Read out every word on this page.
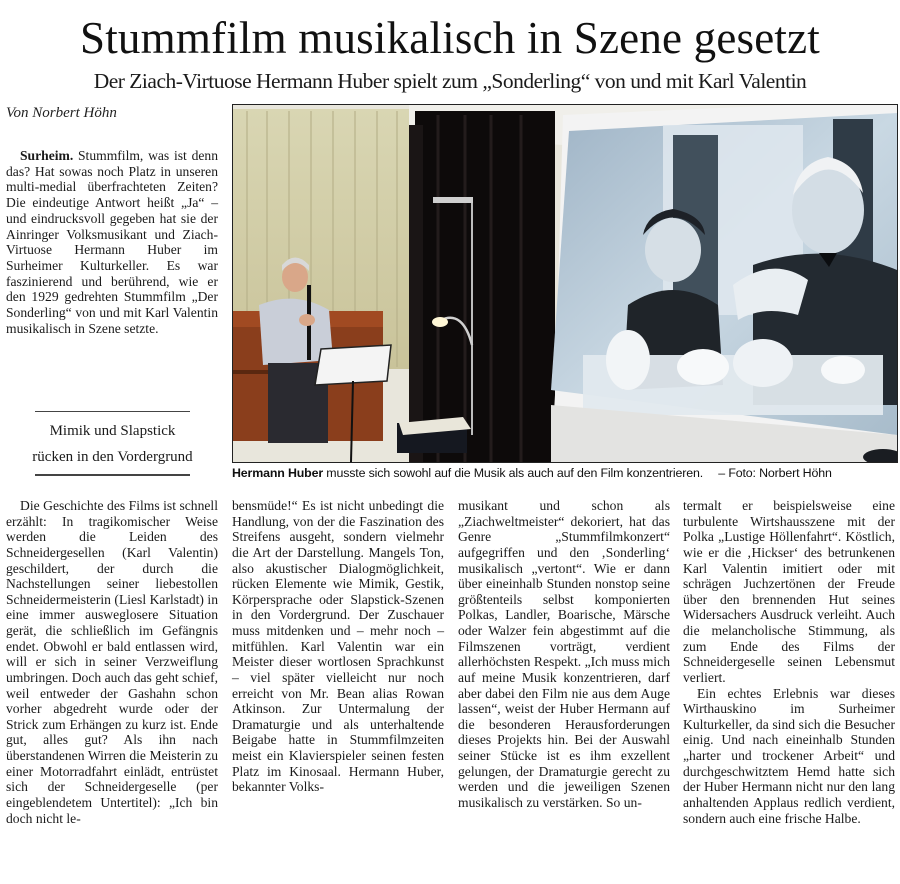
Stummfilm musikalisch in Szene gesetzt
Der Ziach-Virtuose Hermann Huber spielt zum „Sonderling“ von und mit Karl Valentin
Von Norbert Höhn

Surheim. Stummfilm, was ist denn das? Hat sowas noch Platz in unseren multi-medial überfrachteten Zeiten? Die eindeutige Antwort heißt „Ja“ – und eindrucksvoll gegeben hat sie der Ainringer Volksmusikant und Ziach-Virtuose Hermann Huber im Surheimer Kulturkeller. Es war faszinierend und berührend, wie er den 1929 gedrehten Stummfilm „Der Sonderling“ von und mit Karl Valentin musikalisch in Szene setzte.

Mimik und Slapstick
rücken in den Vordergrund
Hermann Huber musste sich sowohl auf die Musik als auch auf den Film konzentrieren. – Foto: Norbert Höhn

Die Geschichte des Films ist schnell erzählt: In tragikomischer Weise werden die Leiden des Schneidergesellen (Karl Valentin) geschildert, der durch die Nachstellungen seiner liebestollen Schneidermeisterin (Liesl Karlstadt) in eine immer ausweglosere Situation gerät, die schließlich im Gefängnis endet. Obwohl er bald entlassen wird, will er sich in seiner Verzweiflung umbringen. Doch auch das geht schief, weil entweder der Gashahn schon vorher abgedreht wurde oder der Strick zum Erhängen zu kurz ist. Ende gut, alles gut? Als ihn nach überstandenen Wirren die Meisterin zu einer Motorradfahrt einlädt, entrüstet sich der Schneidergeselle (per eingeblendetem Untertitel): „Ich bin doch nicht le-

bensmüde!“ Es ist nicht unbedingt die Handlung, von der die Faszination des Streifens ausgeht, sondern vielmehr die Art der Darstellung. Mangels Ton, also akustischer Dialogmöglichkeit, rücken Elemente wie Mimik, Gestik, Körpersprache oder Slapstick-Szenen in den Vordergrund. Der Zuschauer muss mitdenken und – mehr noch – mitfühlen. Karl Valentin war ein Meister dieser wortlosen Sprachkunst – viel später vielleicht nur noch erreicht von Mr. Bean alias Rowan Atkinson. Zur Untermalung der Dramaturgie und als unterhaltende Beigabe hatte in Stummfilmzeiten meist ein Klavierspieler seinen festen Platz im Kinosaal. Hermann Huber, bekannter Volks-

musikant und schon als „Ziachweltmeister“ dekoriert, hat das Genre „Stummfilmkonzert“ aufgegriffen und den ‚Sonderling‘ musikalisch „vertont“. Wie er dann über eineinhalb Stunden nonstop seine größtenteils selbst komponierten Polkas, Landler, Boarische, Märsche oder Walzer fein abgestimmt auf die Filmszenen vorträgt, verdient allerhöchsten Respekt. „Ich muss mich auf meine Musik konzentrieren, darf aber dabei den Film nie aus dem Auge lassen“, weist der Huber Hermann auf die besonderen Herausforderungen dieses Projekts hin. Bei der Auswahl seiner Stücke ist es ihm exzellent gelungen, der Dramaturgie gerecht zu werden und die jeweiligen Szenen musikalisch zu verstärken. So un-

termalt er beispielsweise eine turbulente Wirtshausszene mit der Polka „Lustige Höllenfahrt“. Köstlich, wie er die ‚Hickser‘ des betrunkenen Karl Valentin imitiert oder mit schrägen Juchzertönen der Freude über den brennenden Hut seines Widersachers Ausdruck verleiht. Auch die melancholische Stimmung, als zum Ende des Films der Schneidergeselle seinen Lebensmut verliert.

Ein echtes Erlebnis war dieses Wirthauskino im Surheimer Kulturkeller, da sind sich die Besucher einig. Und nach eineinhalb Stunden „harter und trockener Arbeit“ und durchgeschwitztem Hemd hatte sich der Huber Hermann nicht nur den lang anhaltenden Applaus redlich verdient, sondern auch eine frische Halbe.
